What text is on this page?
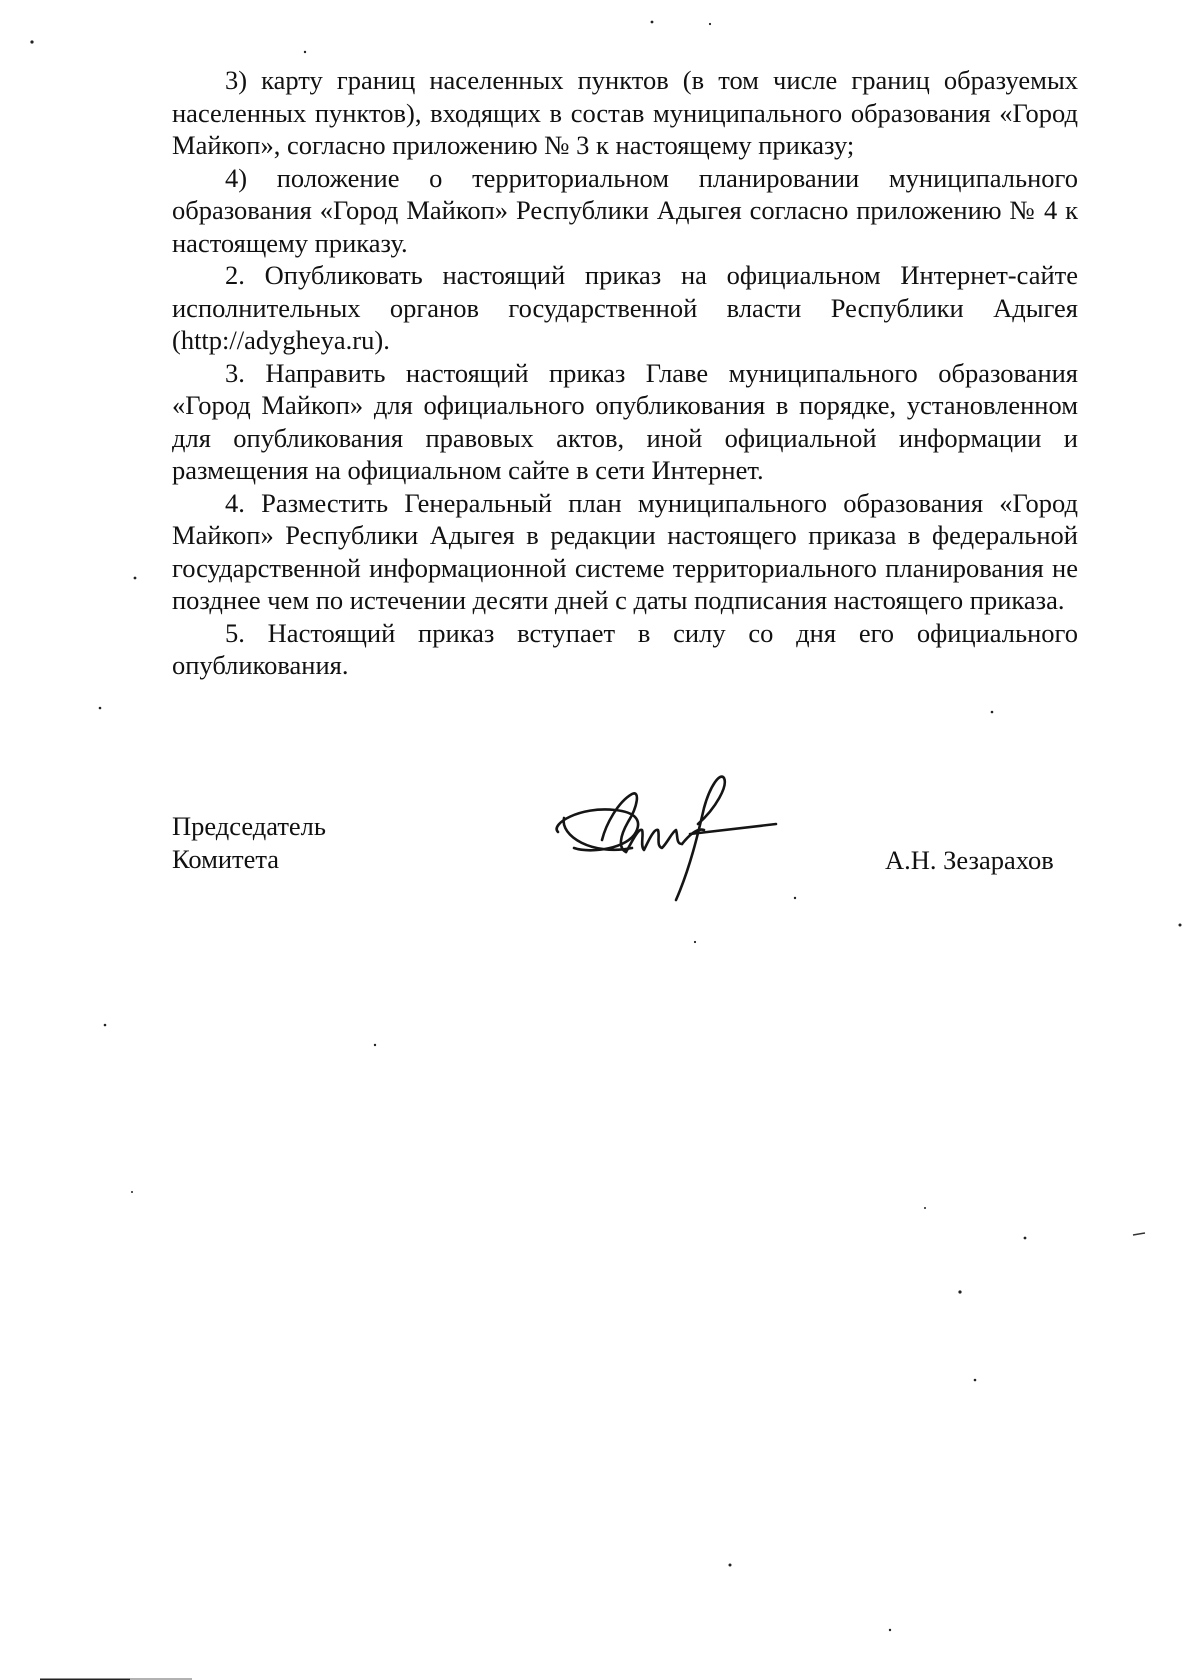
3) карту границ населенных пунктов (в том числе границ образуемых населенных пунктов), входящих в состав муниципального образования «Город Майкоп», согласно приложению № 3 к настоящему приказу;

4) положение о территориальном планировании муниципального образования «Город Майкоп» Республики Адыгея согласно приложению № 4 к настоящему приказу.

2. Опубликовать настоящий приказ на официальном Интернет-сайте исполнительных органов государственной власти Республики Адыгея (http://adygheya.ru).

3. Направить настоящий приказ Главе муниципального образования «Город Майкоп» для официального опубликования в порядке, установленном для опубликования правовых актов, иной официальной информации и размещения на официальном сайте в сети Интернет.

4. Разместить Генеральный план муниципального образования «Город Майкоп» Республики Адыгея в редакции настоящего приказа в федеральной государственной информационной системе территориального планирования не позднее чем по истечении десяти дней с даты подписания настоящего приказа.

5. Настоящий приказ вступает в силу со дня его официального опубликования.

Председатель
Комитета	А.Н. Зезарахов
